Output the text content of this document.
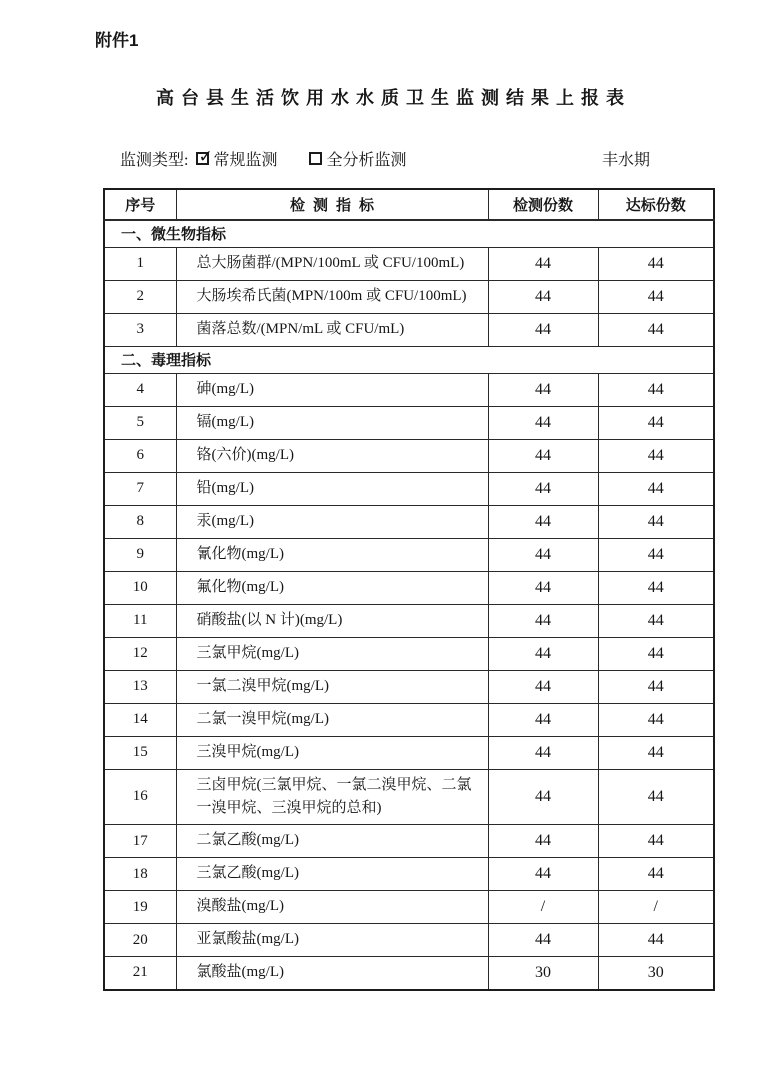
附件1
高台县生活饮用水水质卫生监测结果上报表
监测类型: ✓ 常规监测	全分析监测	丰水期
序号	检测指标	检测份数	达标份数
一、微生物指标			
1	总大肠菌群/(MPN/100mL 或 CFU/100mL)	44	44
2	大肠埃希氏菌(MPN/100m 或 CFU/100mL)	44	44
3	菌落总数/(MPN/mL 或 CFU/mL)	44	44
二、毒理指标			
4	砷(mg/L)	44	44
5	镉(mg/L)	44	44
6	铬(六价)(mg/L)	44	44
7	铅(mg/L)	44	44
8	汞(mg/L)	44	44
9	氰化物(mg/L)	44	44
10	氟化物(mg/L)	44	44
11	硝酸盐(以 N 计)(mg/L)	44	44
12	三氯甲烷(mg/L)	44	44
13	一氯二溴甲烷(mg/L)	44	44
14	二氯一溴甲烷(mg/L)	44	44
15	三溴甲烷(mg/L)	44	44
16	三卤甲烷(三氯甲烷、一氯二溴甲烷、二氯一溴甲烷、三溴甲烷的总和)	44	44
17	二氯乙酸(mg/L)	44	44
18	三氯乙酸(mg/L)	44	44
19	溴酸盐(mg/L)	/	/
20	亚氯酸盐(mg/L)	44	44
21	氯酸盐(mg/L)	30	30
